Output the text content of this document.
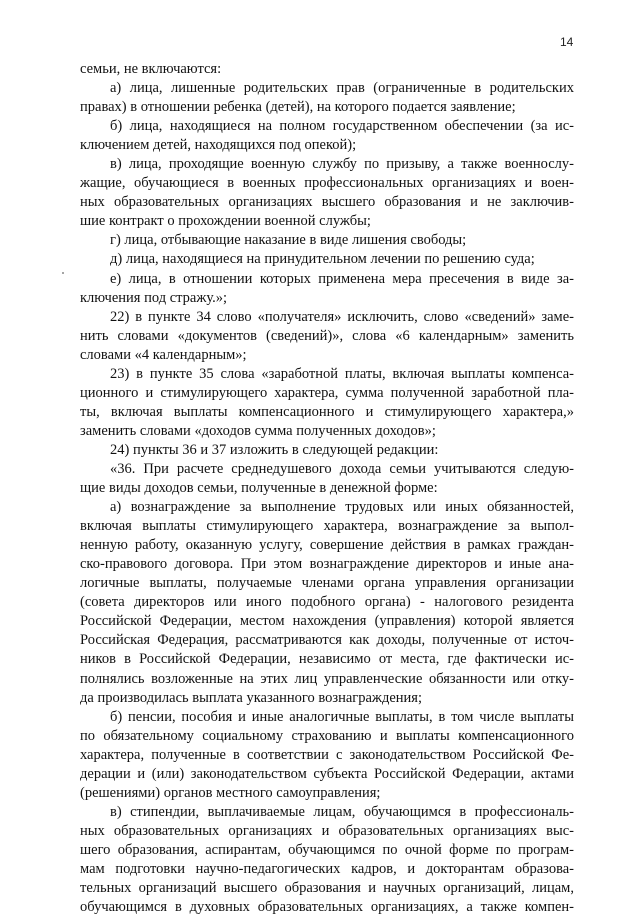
14
семьи, не включаются:
а) лица, лишенные родительских прав (ограниченные в родительских
правах) в отношении ребенка (детей), на которого подается заявление;
б) лица, находящиеся на полном государственном обеспечении (за ис-
ключением детей, находящихся под опекой);
в) лица, проходящие военную службу по призыву, а также военнослу-
жащие, обучающиеся в военных профессиональных организациях и воен-
ных образовательных организациях высшего образования и не заключив-
шие контракт о прохождении военной службы;
г) лица, отбывающие наказание в виде лишения свободы;
д) лица, находящиеся на принудительном лечении по решению суда;
е) лица, в отношении которых применена мера пресечения в виде за-
ключения под стражу.»;
22) в пункте 34 слово «получателя» исключить, слово «сведений» заме-
нить словами «документов (сведений)», слова «6 календарным» заменить
словами «4 календарным»;
23) в пункте 35 слова «заработной платы, включая выплаты компенса-
ционного и стимулирующего характера, сумма полученной заработной пла-
ты, включая выплаты компенсационного и стимулирующего характера,»
заменить словами «доходов сумма полученных доходов»;
24) пункты 36 и 37 изложить в следующей редакции:
«36. При расчете среднедушевого дохода семьи учитываются следую-
щие виды доходов семьи, полученные в денежной форме:
а) вознаграждение за выполнение трудовых или иных обязанностей,
включая выплаты стимулирующего характера, вознаграждение за выпол-
ненную работу, оказанную услугу, совершение действия в рамках граждан-
ско-правового договора. При этом вознаграждение директоров и иные ана-
логичные выплаты, получаемые членами органа управления организации
(совета директоров или иного подобного органа) - налогового резидента
Российской Федерации, местом нахождения (управления) которой является
Российская Федерация, рассматриваются как доходы, полученные от источ-
ников в Российской Федерации, независимо от места, где фактически ис-
полнялись возложенные на этих лиц управленческие обязанности или отку-
да производилась выплата указанного вознаграждения;
б) пенсии, пособия и иные аналогичные выплаты, в том числе выплаты
по обязательному социальному страхованию и выплаты компенсационного
характера, полученные в соответствии с законодательством Российской Фе-
дерации и (или) законодательством субъекта Российской Федерации, актами
(решениями) органов местного самоуправления;
в) стипендии, выплачиваемые лицам, обучающимся в профессиональ-
ных образовательных организациях и образовательных организациях выс-
шего образования, аспирантам, обучающимся по очной форме по програм-
мам подготовки научно-педагогических кадров, и докторантам образова-
тельных организаций высшего образования и научных организаций, лицам,
обучающимся в духовных образовательных организациях, а также компен-
